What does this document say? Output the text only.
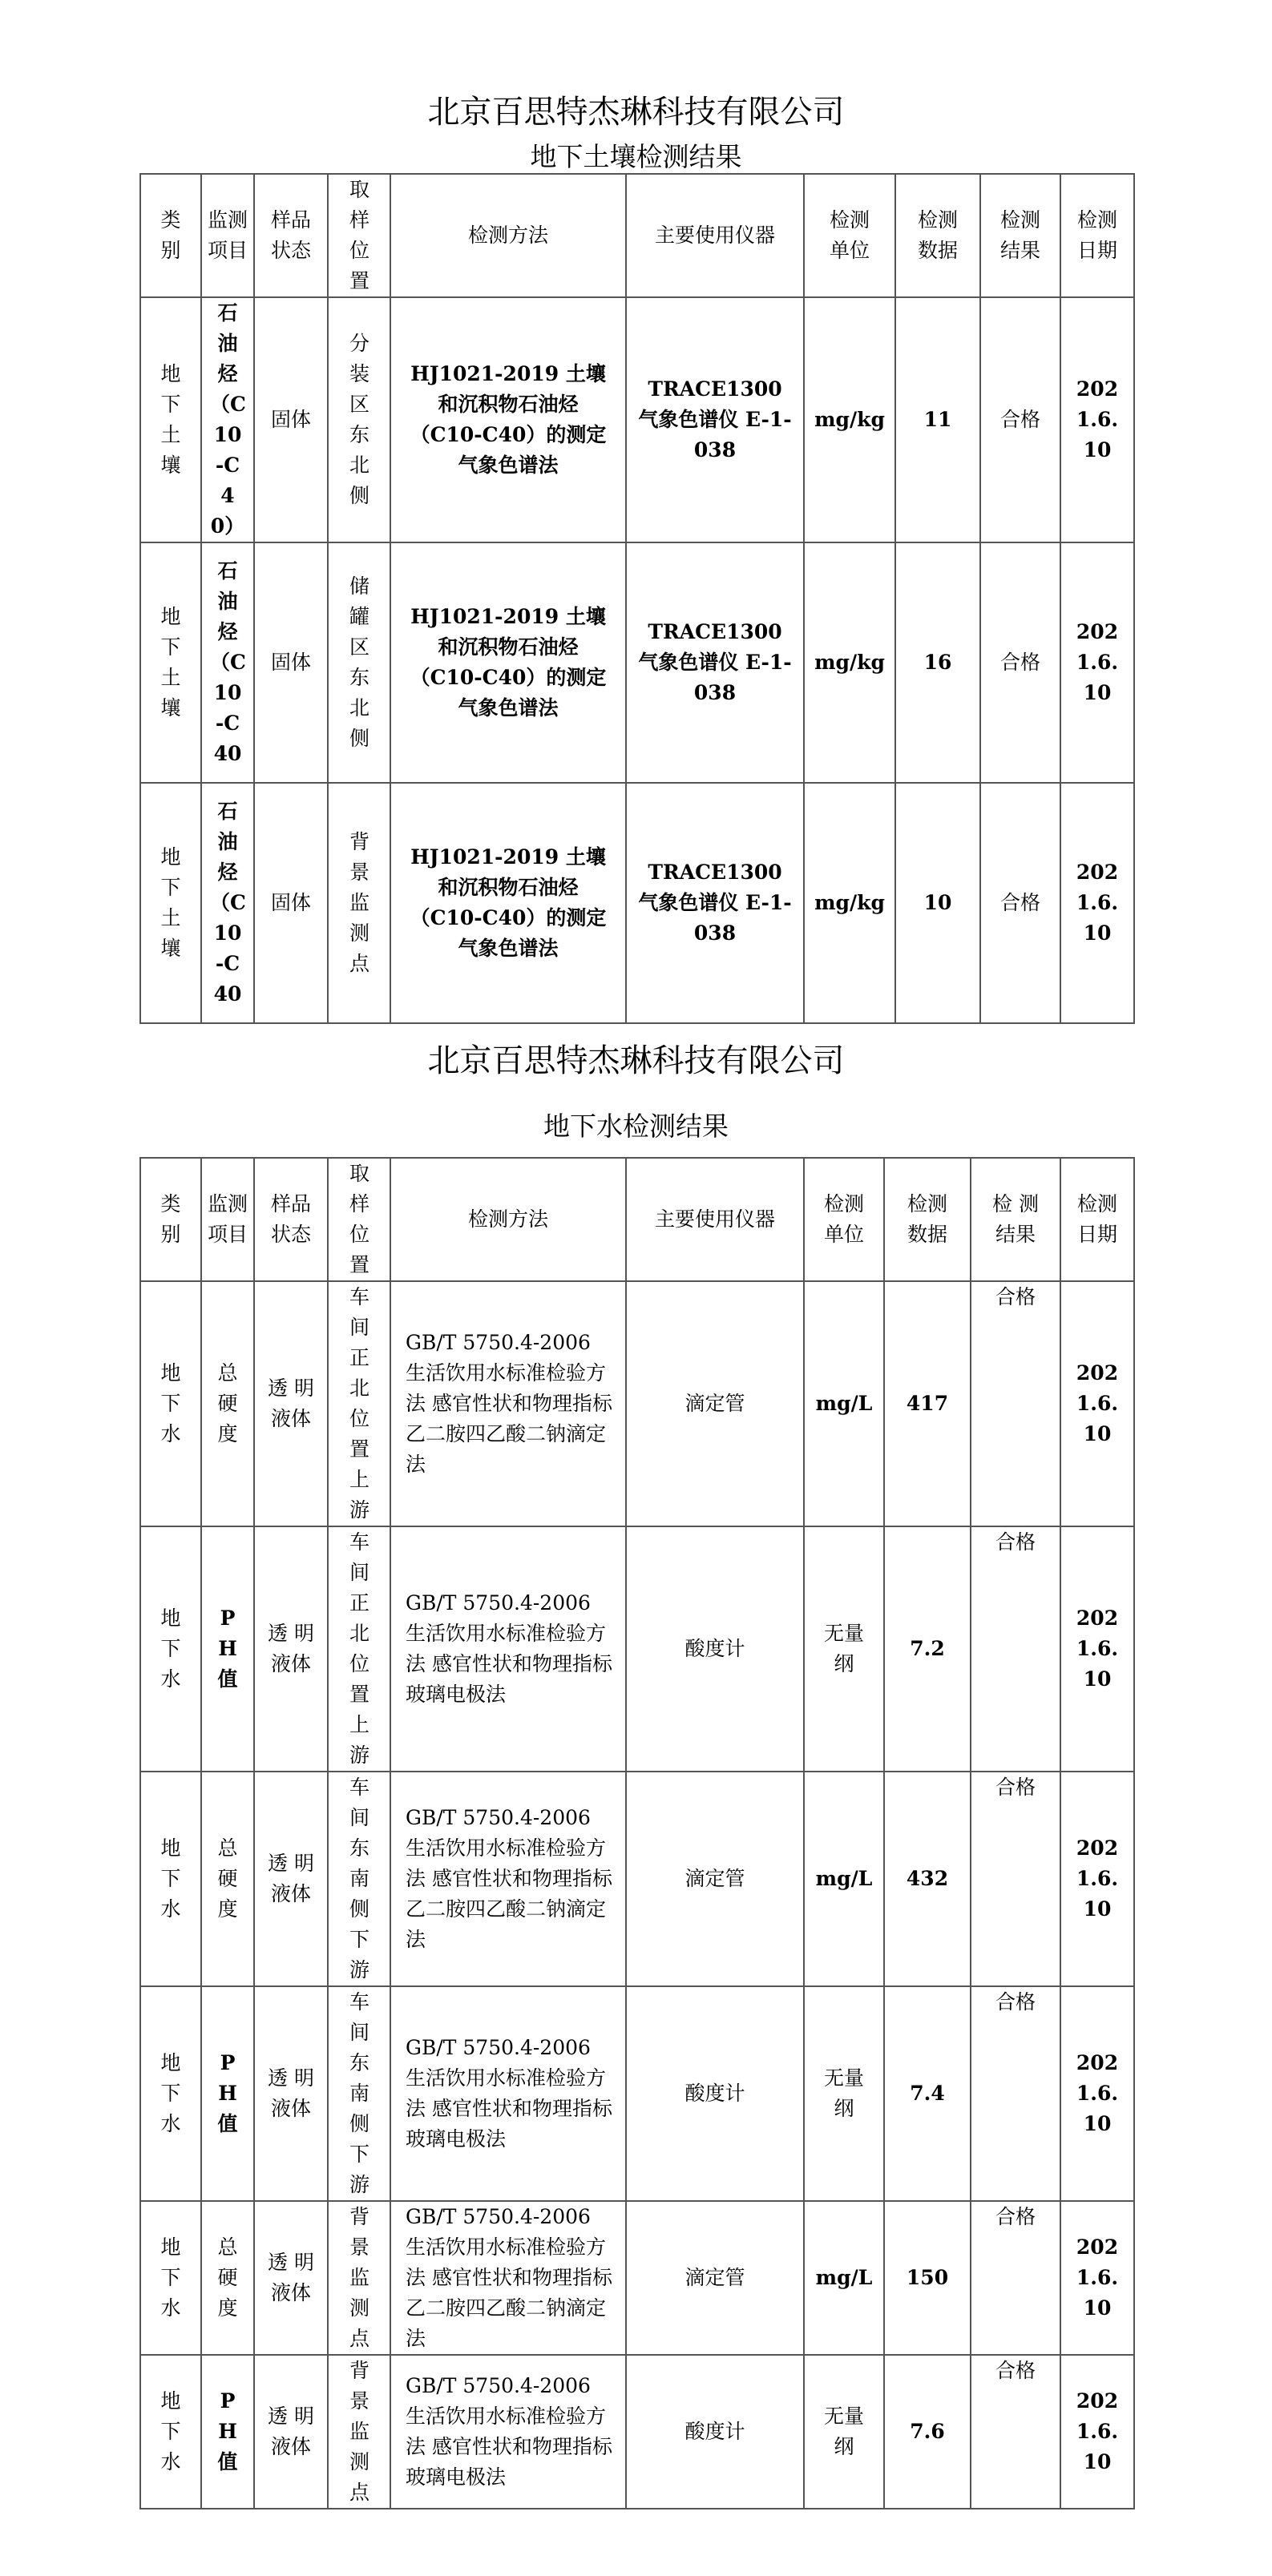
北京百思特杰琳科技有限公司
地下土壤检测结果
类别	监测项目	样品状态	取样位置	检测方法	主要使用仪器	检测单位	检测数据	检测结果	检测日期
地下土壤	石油烃（C10-C40）	固体	分装区东北侧	HJ1021-2019 土壤和沉积物石油烃（C10-C40）的测定气象色谱法	TRACE1300 气象色谱仪 E-1-038	mg/kg	11	合格	2021.6.10
地下土壤	石油烃（C10-C40	固体	储罐区东北侧	HJ1021-2019 土壤和沉积物石油烃（C10-C40）的测定气象色谱法	TRACE1300 气象色谱仪 E-1-038	mg/kg	16	合格	2021.6.10
地下土壤	石油烃（C10-C40	固体	背景监测点	HJ1021-2019 土壤和沉积物石油烃（C10-C40）的测定气象色谱法	TRACE1300 气象色谱仪 E-1-038	mg/kg	10	合格	2021.6.10
北京百思特杰琳科技有限公司
地下水检测结果
类别	监测项目	样品状态	取样位置	检测方法	主要使用仪器	检测单位	检测数据	检 测结果	检测日期
地下水	总硬度	透 明液体	车间正北位置上游	GB/T 5750.4-2006 生活饮用水标准检验方法 感官性状和物理指标 乙二胺四乙酸二钠滴定法	滴定管	mg/L	417	合格	2021.6.10
地下水	PH值	透 明液体	车间正北位置上游	GB/T 5750.4-2006 生活饮用水标准检验方法 感官性状和物理指标 玻璃电极法	酸度计	无量纲	7.2	合格	2021.6.10
地下水	总硬度	透 明液体	车间东南侧下游	GB/T 5750.4-2006 生活饮用水标准检验方法 感官性状和物理指标 乙二胺四乙酸二钠滴定法	滴定管	mg/L	432	合格	2021.6.10
地下水	PH值	透 明液体	车间东南侧下游	GB/T 5750.4-2006 生活饮用水标准检验方法 感官性状和物理指标 玻璃电极法	酸度计	无量纲	7.4	合格	2021.6.10
地下水	总硬度	透 明液体	背景监测点	GB/T 5750.4-2006 生活饮用水标准检验方法 感官性状和物理指标 乙二胺四乙酸二钠滴定法	滴定管	mg/L	150	合格	2021.6.10
地下水	PH值	透 明液体	背景监测点	GB/T 5750.4-2006 生活饮用水标准检验方法 感官性状和物理指标 玻璃电极法	酸度计	无量纲	7.6	合格	2021.6.10
